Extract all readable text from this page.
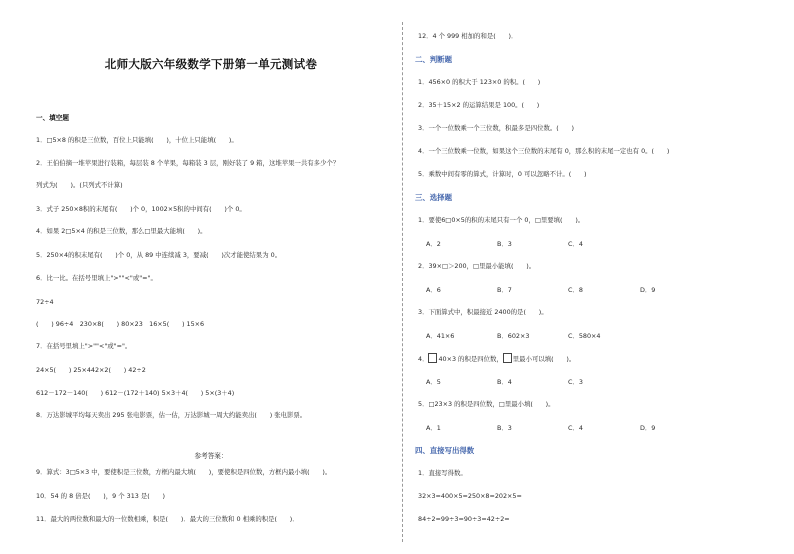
北师大版六年级数学下册第一单元测试卷
一、填空题
1．□5×8 的积是三位数，百位上只能填(　　)，十位上只能填(　　)。
2．王伯伯摘一堆苹果进行装箱，每层装 8 个苹果，每箱装 3 层，刚好装了 9 箱，这堆苹果一共有多少个？
列式为(　　)。(只列式不计算)
3．式子 250×8积的末尾有(　　)个 0，1002×5积的中间有(　　)个 0。
4．如果 2□5×4 的积是三位数，那么□里最大能填(　　)。
5．250×4的积末尾有(　　)个 0，从 89 中连续减 3，要减(　　)次才能使结果为 0。
6．比一比。在括号里填上">""<"或"="。
72÷4
(　　) 96÷4　230×8(　　) 80×23　16×5(　　) 15×6
7．在括号里填上">""<"或"="。
24×5(　　) 25×442×2(　　) 42÷2
612－172－140(　　) 612－(172＋140) 5×3＋4(　　) 5×(3＋4)
8．万达影城平均每天卖出 295 张电影票，估一估，万达影城一周大约能卖出(　　) 张电影票。
参考答案：
9．算式：3□5×3 中，要使积是三位数，方框内最大填(　　)，要使积是四位数，方框内最小填(　　)。
10．54 的 8 倍是(　　)，9 个 313 是(　　)
11．最大的两位数和最大的一位数相乘，积是(　　)．最大的三位数和 0 相乘的积是(　　)．
12．4 个 999 相加的和是(　　)．
二、判断题
1．456×0 的积大于 123×0 的积。(　　)
2．35＋15×2 的运算结果是 100。(　　)
3．一个一位数乘一个三位数，积最多是四位数。(　　)
4．一个三位数乘一位数，如果这个三位数的末尾有 0，那么积的末尾一定也有 0。(　　)
5．乘数中间有零的算式，计算时，0 可以忽略不计。(　　)
三、选择题
1．要使6□0×5的积的末尾只有一个 0，□里要填(　　)。
A．2	B．3	C．4
2．39×□＞200，□里最小能填(　　)。
A．6	B．7	C．8	D．9
3．下面算式中，积最接近 2400的是(　　)。
A．41×6	B．602×3	C．580×4
4． 40×3 的积是四位数， 里最小可以填(　　)。
A．5	B．4	C．3
5．□23×3 的积是四位数，□里最小填(　　)。
A．1	B．3	C．4	D．9
四、直接写出得数
1．直接写得数。
32×3=400×5=250×8=202×5=
84÷2=99÷3=90÷3=42÷2=
